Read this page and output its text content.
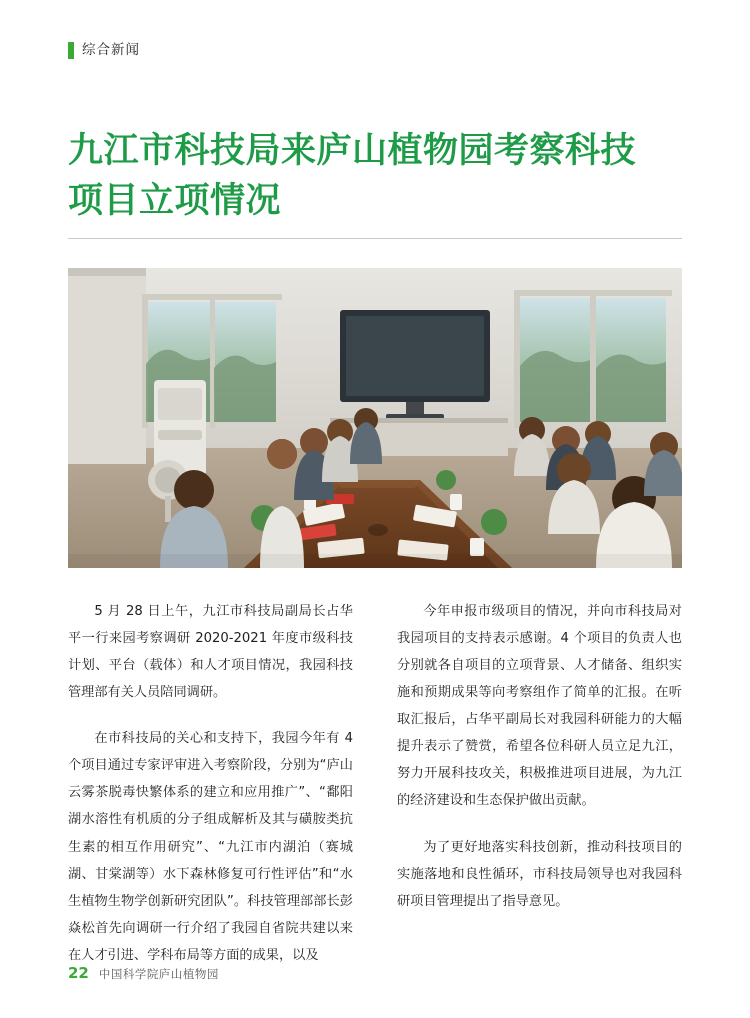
综合新闻
九江市科技局来庐山植物园考察科技项目立项情况

5 月 28 日上午，九江市科技局副局长占华平一行来园考察调研 2020-2021 年度市级科技计划、平台（载体）和人才项目情况，我园科技管理部有关人员陪同调研。

在市科技局的关心和支持下，我园今年有 4 个项目通过专家评审进入考察阶段，分别为“庐山云雾茶脱毒快繁体系的建立和应用推广”、“鄱阳湖水溶性有机质的分子组成解析及其与磺胺类抗生素的相互作用研究”、“九江市内湖泊（赛城湖、甘棠湖等）水下森林修复可行性评估”和“水生植物生物学创新研究团队”。科技管理部部长彭焱松首先向调研一行介绍了我园自省院共建以来在人才引进、学科布局等方面的成果，以及

今年申报市级项目的情况，并向市科技局对我园项目的支持表示感谢。4 个项目的负责人也分别就各自项目的立项背景、人才储备、组织实施和预期成果等向考察组作了简单的汇报。在听取汇报后，占华平副局长对我园科研能力的大幅提升表示了赞赏，希望各位科研人员立足九江，努力开展科技攻关，积极推进项目进展，为九江的经济建设和生态保护做出贡献。

为了更好地落实科技创新，推动科技项目的实施落地和良性循环，市科技局领导也对我园科研项目管理提出了指导意见。

22 中国科学院庐山植物园
